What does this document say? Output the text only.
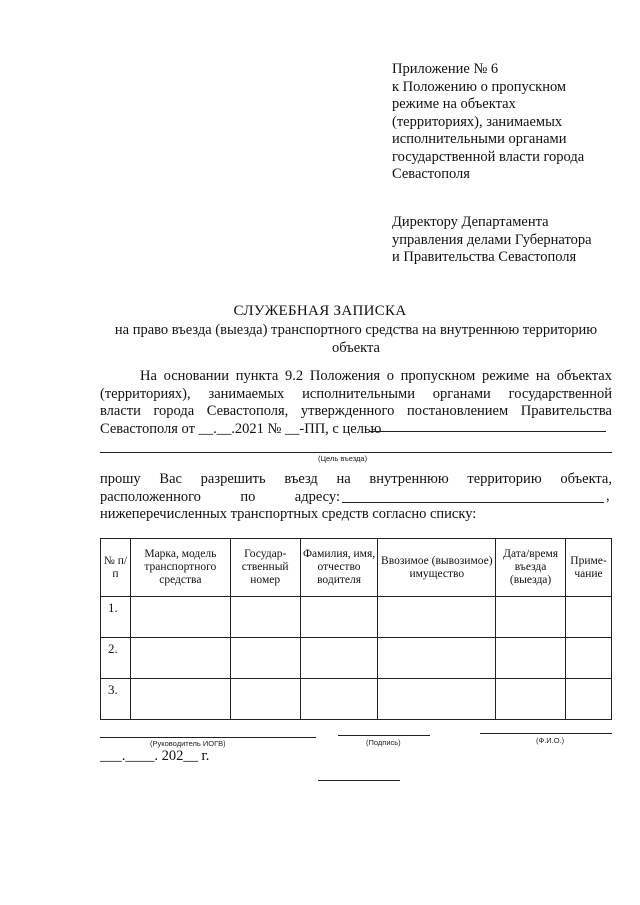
Приложение № 6
к Положению о пропускном
режиме на объектах
(территориях), занимаемых
исполнительными органами
государственной власти города
Севастополя
Директору Департамента
управления делами Губернатора
и Правительства Севастополя
СЛУЖЕБНАЯ ЗАПИСКА
на право въезда (выезда) транспортного средства на внутреннюю территорию
объекта
На основании пункта 9.2 Положения о пропускном режиме на объектах
(территориях), занимаемых исполнительными органами государственной
власти города Севастополя, утвержденного постановлением Правительства
Севастополя от __.__.2021 № __-ПП, с целью
(Цель въезда)
прошу Вас разрешить въезд на внутреннюю территорию объекта,
расположенного по адресу:
нижеперечисленных транспортных средств согласно списку:
,
№ п/п	Марка, модель транспортного средства	Государ-ственный номер	Фамилия, имя, отчество водителя	Ввозимое (вывозимое) имущество	Дата/время въезда (выезда)	Приме-чание
1.						
2.						
3.						
(Руководитель ИОГВ)	(Подпись)	(Ф.И.О.)
___.____. 202__ г.
